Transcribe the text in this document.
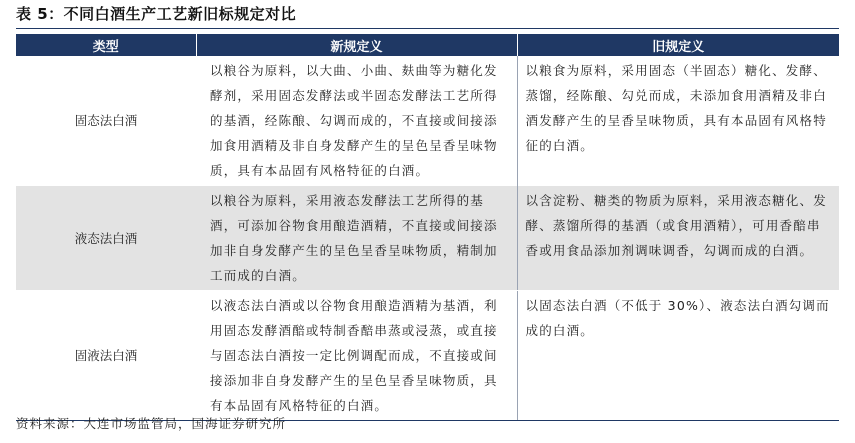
表 5：不同白酒生产工艺新旧标规定对比
类型	新规定义	旧规定义
固态法白酒	以粮谷为原料，以大曲、小曲、麸曲等为糖化发酵剂，采用固态发酵法或半固态发酵法工艺所得的基酒，经陈酿、勾调而成的，不直接或间接添加食用酒精及非自身发酵产生的呈色呈香呈味物质，具有本品固有风格特征的白酒。	以粮食为原料，采用固态（半固态）糖化、发酵、蒸馏，经陈酿、勾兑而成，未添加食用酒精及非白酒发酵产生的呈香呈味物质，具有本品固有风格特征的白酒。
液态法白酒	以粮谷为原料，采用液态发酵法工艺所得的基酒，可添加谷物食用酿造酒精，不直接或间接添加非自身发酵产生的呈色呈香呈味物质，精制加工而成的白酒。	以含淀粉、糖类的物质为原料，采用液态糖化、发酵、蒸馏所得的基酒（或食用酒精），可用香醅串香或用食品添加剂调味调香，勾调而成的白酒。
固液法白酒	以液态法白酒或以谷物食用酿造酒精为基酒，利用固态发酵酒醅或特制香醅串蒸或浸蒸，或直接与固态法白酒按一定比例调配而成，不直接或间接添加非自身发酵产生的呈色呈香呈味物质，具有本品固有风格特征的白酒。	以固态法白酒（不低于 30%）、液态法白酒勾调而成的白酒。
资料来源：大连市场监管局，国海证券研究所
